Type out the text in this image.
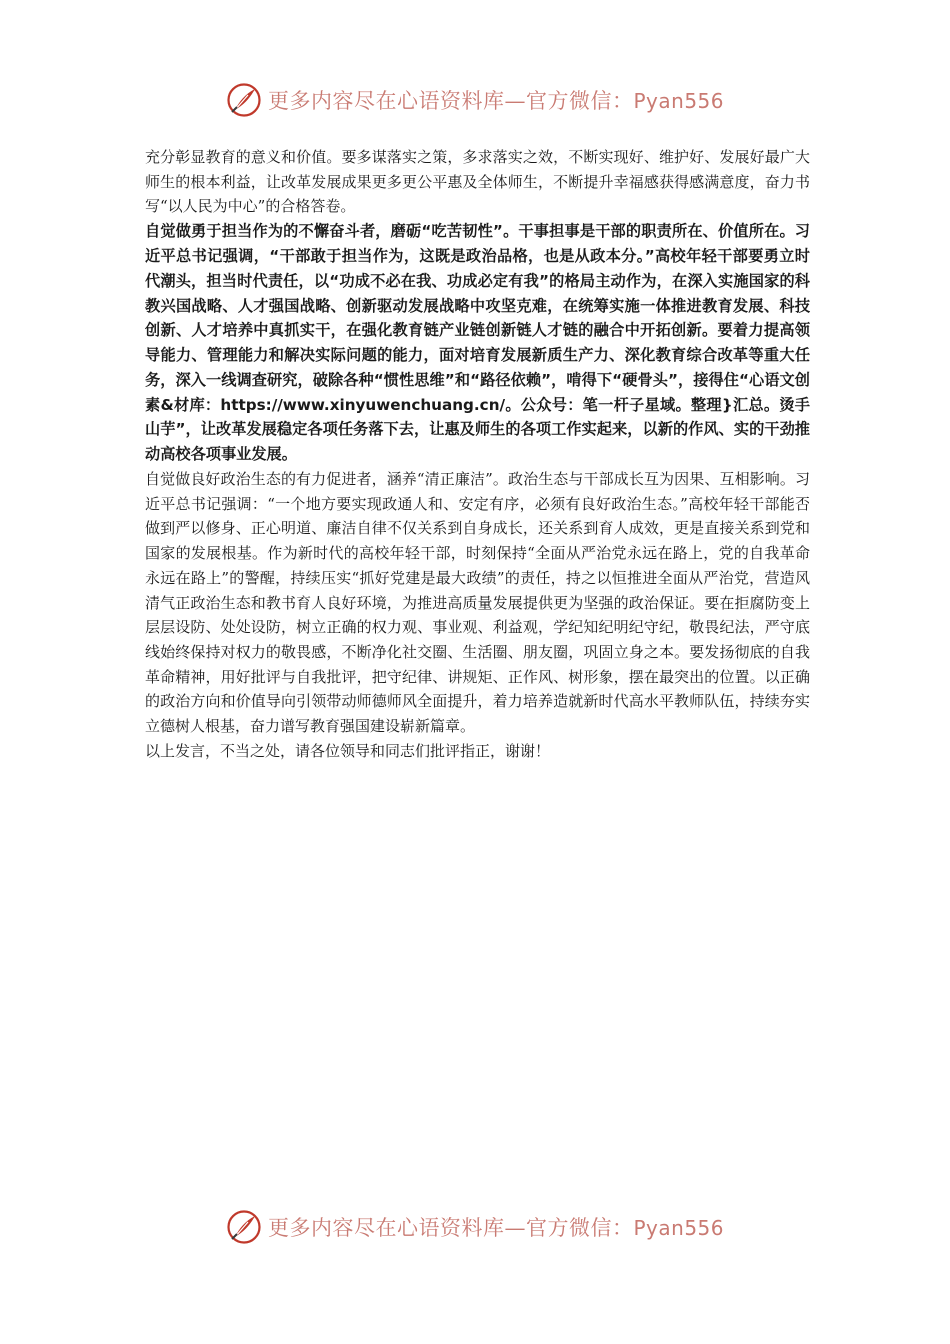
更多内容尽在心语资料库—官方微信：Pyan556

充分彰显教育的意义和价值。要多谋落实之策，多求落实之效，不断实现好、维护好、发展好最广大师生的根本利益，让改革发展成果更多更公平惠及全体师生，不断提升幸福感获得感满意度，奋力书写“以人民为中心”的合格答卷。

自觉做勇于担当作为的不懈奋斗者，磨砺“吃苦韧性”。干事担事是干部的职责所在、价值所在。习近平总书记强调，“干部敢于担当作为，这既是政治品格，也是从政本分。”高校年轻干部要勇立时代潮头，担当时代责任，以“功成不必在我、功成必定有我”的格局主动作为，在深入实施国家的科教兴国战略、人才强国战略、创新驱动发展战略中攻坚克难，在统筹实施一体推进教育发展、科技创新、人才培养中真抓实干，在强化教育链产业链创新链人才链的融合中开拓创新。要着力提高领导能力、管理能力和解决实际问题的能力，面对培育发展新质生产力、深化教育综合改革等重大任务，深入一线调查研究，破除各种“惯性思维”和“路径依赖”，啃得下“硬骨头”，接得住“心语文创素&材库：https://www.xinyuwenchuang.cn/。公众号：笔一杆子星域。整理}汇总。烫手山芋”，让改革发展稳定各项任务落下去，让惠及师生的各项工作实起来，以新的作风、实的干劲推动高校各项事业发展。

自觉做良好政治生态的有力促进者，涵养“清正廉洁”。政治生态与干部成长互为因果、互相影响。习近平总书记强调：“一个地方要实现政通人和、安定有序，必须有良好政治生态。”高校年轻干部能否做到严以修身、正心明道、廉洁自律不仅关系到自身成长，还关系到育人成效，更是直接关系到党和国家的发展根基。作为新时代的高校年轻干部，时刻保持“全面从严治党永远在路上，党的自我革命永远在路上”的警醒，持续压实“抓好党建是最大政绩”的责任，持之以恒推进全面从严治党，营造风清气正政治生态和教书育人良好环境，为推进高质量发展提供更为坚强的政治保证。要在拒腐防变上层层设防、处处设防，树立正确的权力观、事业观、利益观，学纪知纪明纪守纪，敬畏纪法，严守底线始终保持对权力的敬畏感，不断净化社交圈、生活圈、朋友圈，巩固立身之本。要发扬彻底的自我革命精神，用好批评与自我批评，把守纪律、讲规矩、正作风、树形象，摆在最突出的位置。以正确的政治方向和价值导向引领带动师德师风全面提升，着力培养造就新时代高水平教师队伍，持续夯实立德树人根基，奋力谱写教育强国建设崭新篇章。

以上发言，不当之处，请各位领导和同志们批评指正，谢谢！

更多内容尽在心语资料库—官方微信：Pyan556
